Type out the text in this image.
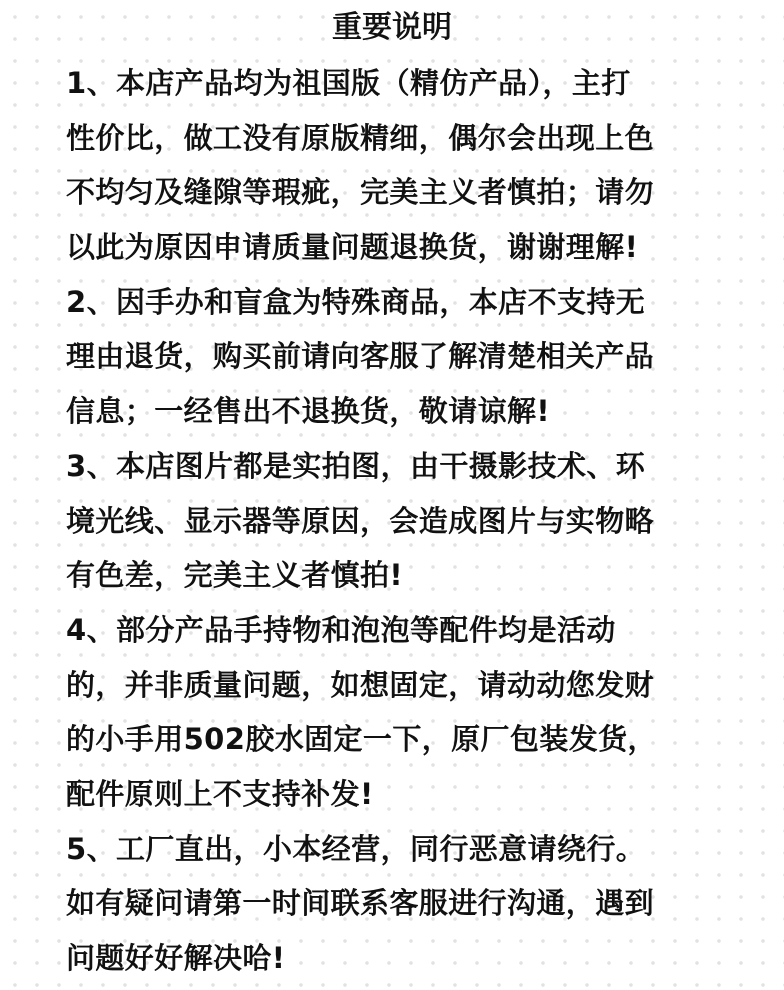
重要说明
1、本店产品均为祖国版（精仿产品），主打
性价比，做工没有原版精细，偶尔会出现上色
不均匀及缝隙等瑕疵，完美主义者慎拍；请勿
以此为原因申请质量问题退换货，谢谢理解!
2、因手办和盲盒为特殊商品，本店不支持无
理由退货，购买前请向客服了解清楚相关产品
信息；一经售出不退换货，敬请谅解!
3、本店图片都是实拍图，由干摄影技术、环
境光线、显示器等原因，会造成图片与实物略
有色差，完美主义者慎拍!
4、部分产品手持物和泡泡等配件均是活动
的，并非质量问题，如想固定，请动动您发财
的小手用502胶水固定一下，原厂包装发货，
配件原则上不支持补发!
5、工厂直出，小本经营，同行恶意请绕行。
如有疑问请第一时间联系客服进行沟通，遇到
问题好好解决哈!
